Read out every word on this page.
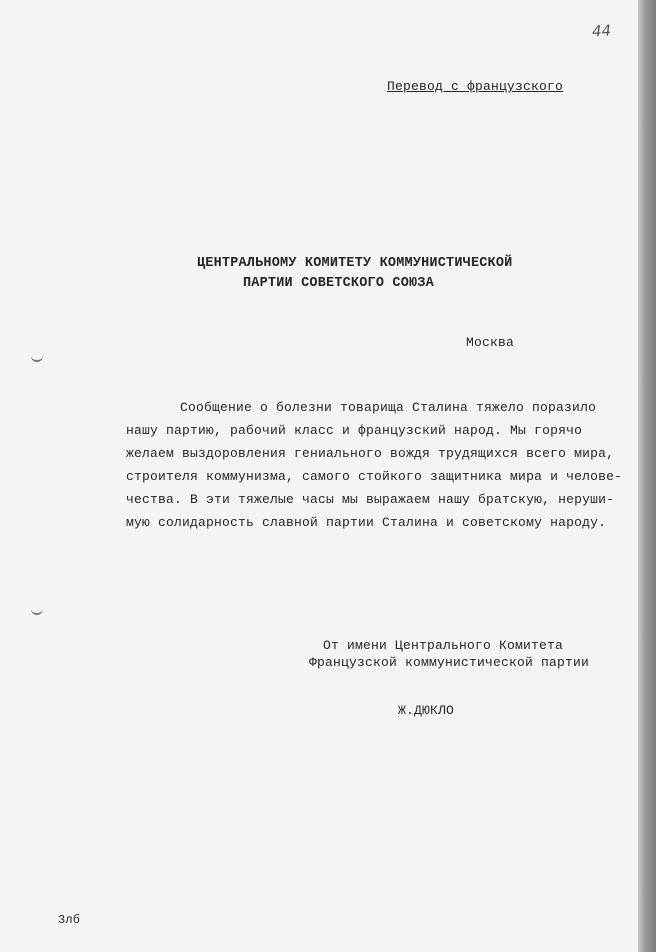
44
Перевод с французского
ЦЕНТРАЛЬНОМУ КОМИТЕТУ КОММУНИСТИЧЕСКОЙ
ПАРТИИ СОВЕТСКОГО СОЮЗА
Москва
Сообщение о болезни товарища Сталина тяжело поразило
нашу партию, рабочий класс и французский народ. Мы горячо
желаем выздоровления гениального вождя трудящихся всего мира,
строителя коммунизма, самого стойкого защитника мира и челове-
чества. В эти тяжелые часы мы выражаем нашу братскую, неруши-
мую солидарность славной партии Сталина и советскому народу.
От имени Центрального Комитета
Французской коммунистической партии
Ж.ДЮКЛО
3лб
